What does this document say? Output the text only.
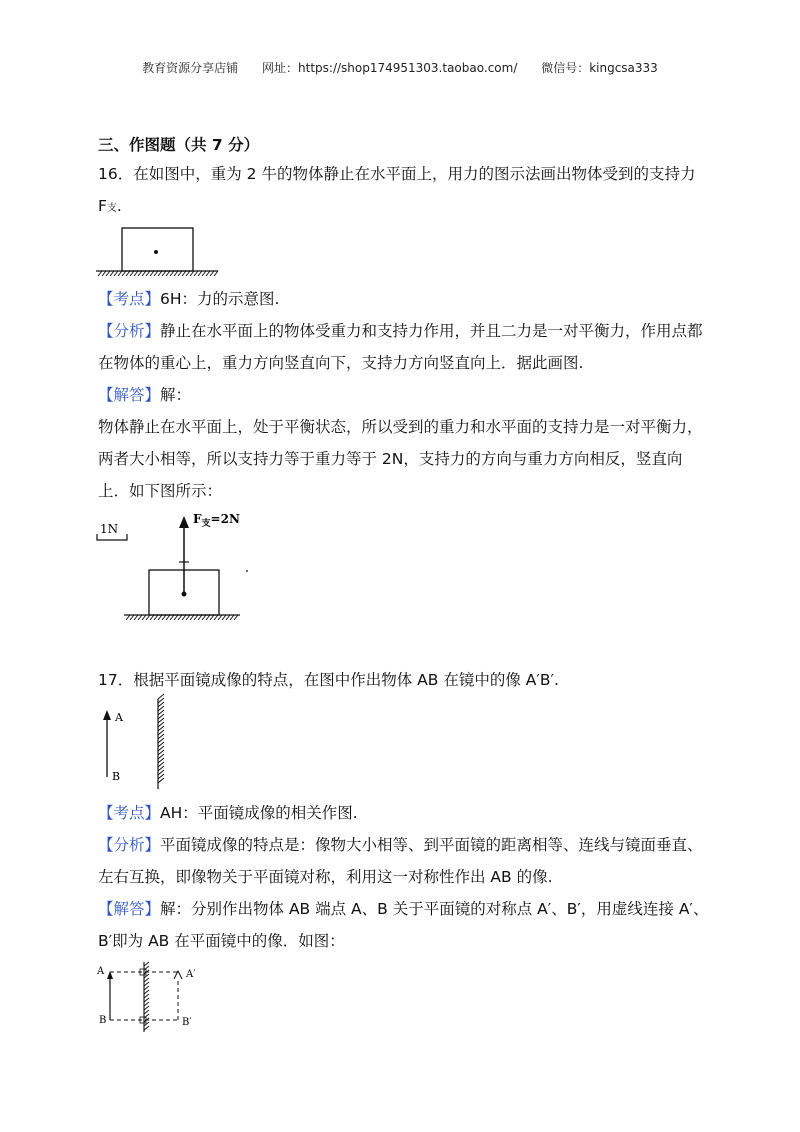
教育资源分享店铺 网址：https://shop174951303.taobao.com/ 微信号：kingcsa333
三、作图题（共 7 分）
16．在如图中，重为 2 牛的物体静止在水平面上，用力的图示法画出物体受到的支持力
F支.
【考点】6H：力的示意图.
【分析】静止在水平面上的物体受重力和支持力作用，并且二力是一对平衡力，作用点都在物体的重心上，重力方向竖直向下，支持力方向竖直向上．据此画图.
【解答】解：
物体静止在水平面上，处于平衡状态，所以受到的重力和水平面的支持力是一对平衡力，
两者大小相等，所以支持力等于重力等于 2N，支持力的方向与重力方向相反，竖直向
上．如下图所示：
1N
$F_支=2N$
17．根据平面镜成像的特点，在图中作出物体 AB 在镜中的像 A′B′.
A
B
【考点】AH：平面镜成像的相关作图.
【分析】平面镜成像的特点是：像物大小相等、到平面镜的距离相等、连线与镜面垂直、左右互换，即像物关于平面镜对称，利用这一对称性作出 AB 的像.
【解答】解：分别作出物体 AB 端点 A、B 关于平面镜的对称点 A′、B′，用虚线连接 A′、B′即为 AB 在平面镜中的像．如图：
A
B
A′
B′
